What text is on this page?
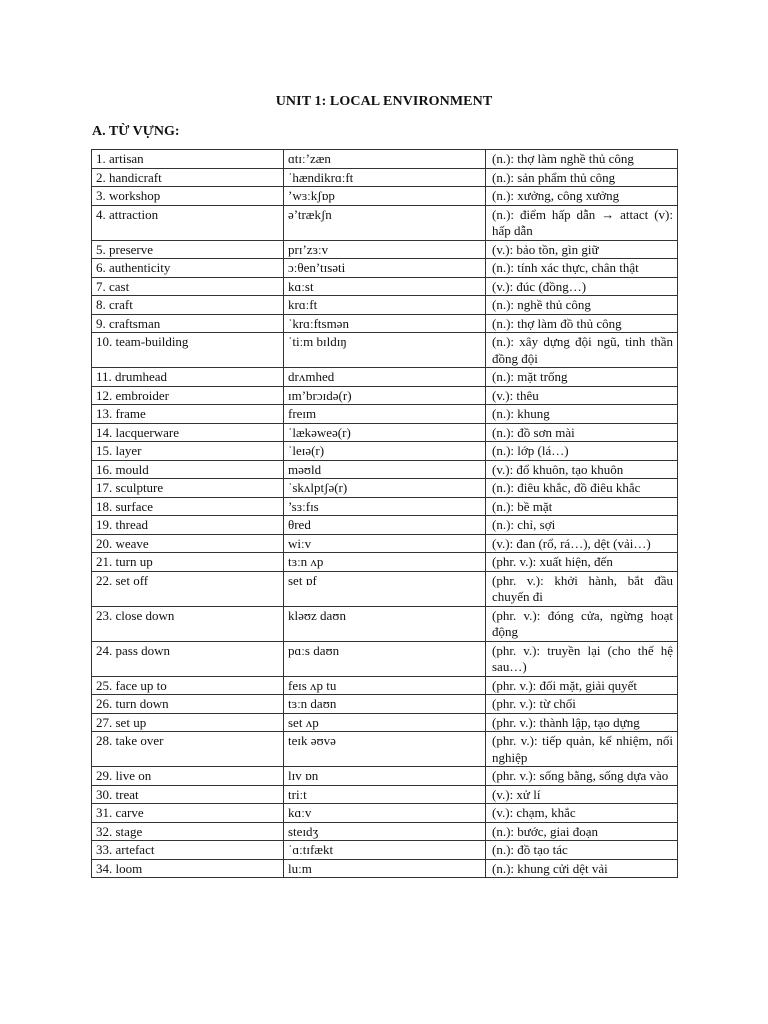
UNIT 1: LOCAL ENVIRONMENT
A. TỪ VỰNG:
1. artisan	ɑtɪː’zæn	(n.): thợ làm nghề thủ công
2. handicraft	ˈhændikrɑːft	(n.): sản phẩm thủ công
3. workshop	’wɜːkʃɒp	(n.): xưởng, công xưởng
4. attraction	ə’trækʃn	(n.): điểm hấp dẫn → attact (v): hấp dẫn
5. preserve	prɪ’zɜːv	(v.): bảo tồn, gìn giữ
6. authenticity	ɔːθen’tɪsəti	(n.): tính xác thực, chân thật
7. cast	kɑːst	(v.): đúc (đồng…)
8. craft	krɑːft	(n.): nghề thủ công
9. craftsman	ˈkrɑːftsmən	(n.): thợ làm đồ thủ công
10. team-building	ˈtiːm bɪldɪŋ	(n.): xây dựng đội ngũ, tinh thần đồng đội
11. drumhead	drʌmhed	(n.): mặt trống
12. embroider	ɪm’brɔɪdə(r)	(v.): thêu
13. frame	freɪm	(n.): khung
14. lacquerware	ˈlækəweə(r)	(n.): đồ sơn mài
15. layer	ˈleɪə(r)	(n.): lớp (lá…)
16. mould	məʊld	(v.): đổ khuôn, tạo khuôn
17. sculpture	ˈskʌlptʃə(r)	(n.): điêu khắc, đồ điêu khắc
18. surface	’sɜːfɪs	(n.): bề mặt
19. thread	θred	(n.): chỉ, sợi
20. weave	wiːv	(v.): đan (rổ, rá…), dệt (vải…)
21. turn up	tɜːn ʌp	(phr. v.): xuất hiện, đến
22. set off	set ɒf	(phr. v.): khởi hành, bắt đầu chuyến đi
23. close down	kləʊz daʊn	(phr. v.): đóng cửa, ngừng hoạt động
24. pass down	pɑːs daʊn	(phr. v.): truyền lại (cho thế hệ sau…)
25. face up to	feɪs ʌp tu	(phr. v.): đối mặt, giải quyết
26. turn down	tɜːn daʊn	(phr. v.): từ chối
27. set up	set ʌp	(phr. v.): thành lập, tạo dựng
28. take over	teɪk əʊvə	(phr. v.): tiếp quản, kế nhiệm, nối nghiệp
29. live on	lɪv ɒn	(phr. v.): sống bằng, sống dựa vào
30. treat	triːt	(v.): xử lí
31. carve	kɑːv	(v.): chạm, khắc
32. stage	steɪdʒ	(n.): bước, giai đoạn
33. artefact	ˈɑːtɪfækt	(n.): đồ tạo tác
34. loom	luːm	(n.): khung cửi dệt vải
